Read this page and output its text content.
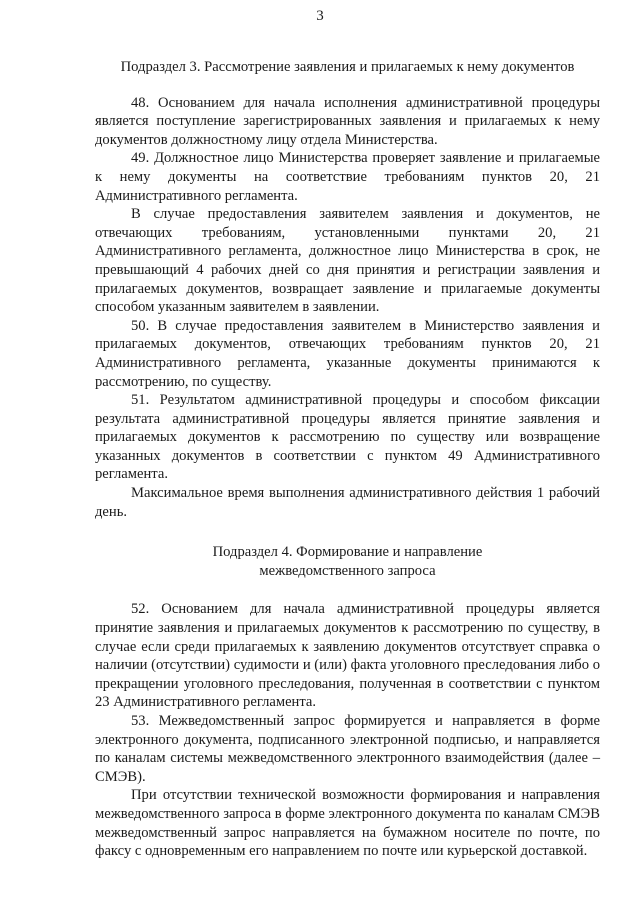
3

Подраздел 3. Рассмотрение заявления и прилагаемых к нему документов

48. Основанием для начала исполнения административной процедуры является поступление зарегистрированных заявления и прилагаемых к нему документов должностному лицу отдела Министерства.

49. Должностное лицо Министерства проверяет заявление и прилагаемые к нему документы на соответствие требованиям пунктов 20, 21 Административного регламента.

В случае предоставления заявителем заявления и документов, не отвечающих требованиям, установленными пунктами 20, 21 Административного регламента, должностное лицо Министерства в срок, не превышающий 4 рабочих дней со дня принятия и регистрации заявления и прилагаемых документов, возвращает заявление и прилагаемые документы способом указанным заявителем в заявлении.

50. В случае предоставления заявителем в Министерство заявления и прилагаемых документов, отвечающих требованиям пунктов 20, 21 Административного регламента, указанные документы принимаются к рассмотрению, по существу.

51. Результатом административной процедуры и способом фиксации результата административной процедуры является принятие заявления и прилагаемых документов к рассмотрению по существу или возвращение указанных документов в соответствии с пунктом 49 Административного регламента.

Максимальное время выполнения административного действия 1 рабочий день.

Подраздел 4. Формирование и направление

межведомственного запроса

52. Основанием для начала административной процедуры является принятие заявления и прилагаемых документов к рассмотрению по существу, в случае если среди прилагаемых к заявлению документов отсутствует справка о наличии (отсутствии) судимости и (или) факта уголовного преследования либо о прекращении уголовного преследования, полученная в соответствии с пунктом 23 Административного регламента.

53. Межведомственный запрос формируется и направляется в форме электронного документа, подписанного электронной подписью, и направляется по каналам системы межведомственного электронного взаимодействия (далее – СМЭВ).

При отсутствии технической возможности формирования и направления межведомственного запроса в форме электронного документа по каналам СМЭВ межведомственный запрос направляется на бумажном носителе по почте, по факсу с одновременным его направлением по почте или курьерской доставкой.
